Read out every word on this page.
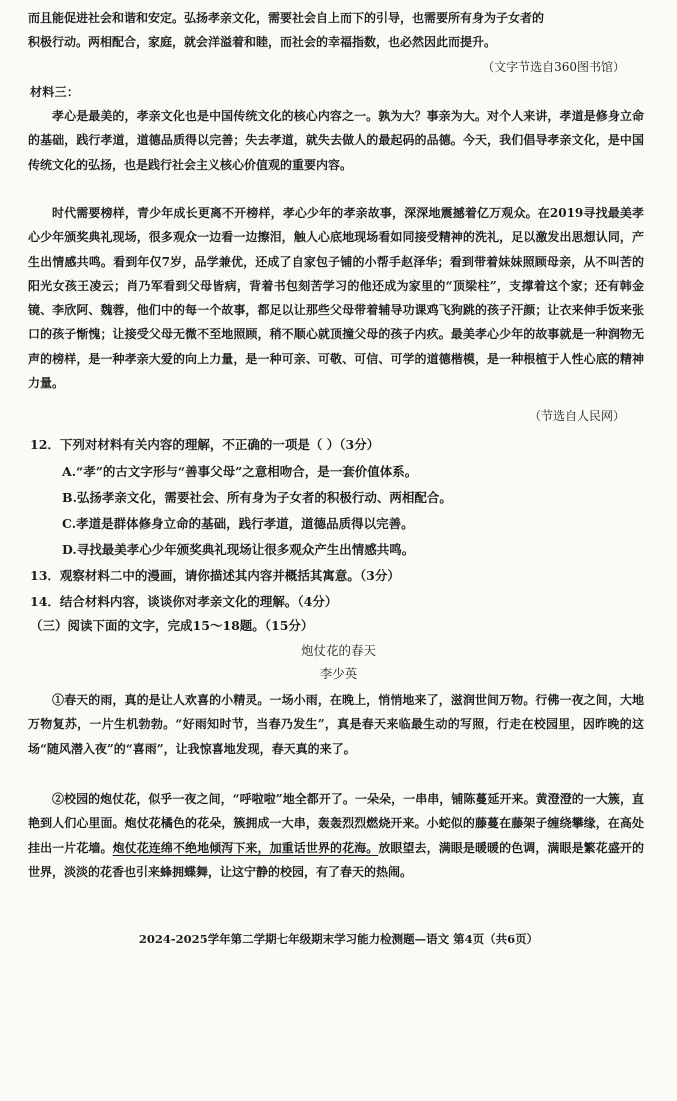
而且能促进社会和谐和安定。弘扬孝亲文化，需要社会自上而下的引导，也需要所有身为子女者的
积极行动。两相配合，家庭，就会洋溢着和睦，而社会的幸福指数，也必然因此而提升。
（文字节选自360图书馆）
材料三：
孝心是最美的，孝亲文化也是中国传统文化的核心内容之一。孰为大？事亲为大。对个人来讲，孝道是修身立命的基础，践行孝道，道德品质得以完善；失去孝道，就失去做人的最起码的品德。今天，我们倡导孝亲文化，是中国传统文化的弘扬，也是践行社会主义核心价值观的重要内容。
时代需要榜样，青少年成长更离不开榜样，孝心少年的孝亲故事，深深地震撼着亿万观众。在2019寻找最美孝心少年颁奖典礼现场，很多观众一边看一边擦泪，触人心底地现场看如同接受精神的洗礼，足以激发出思想认同，产生出情感共鸣。看到年仅7岁，品学兼优，还成了自家包子铺的小帮手赵泽华；看到带着妹妹照顾母亲，从不叫苦的阳光女孩王凌云；肖乃军看到父母皆病，背着书包刻苦学习的他还成为家里的“顶梁柱”，支撑着这个家；还有韩金镜、李欣阿、魏蓉，他们中的每一个故事，都足以让那些父母带着辅导功课鸡飞狗跳的孩子汗颜；让衣来伸手饭来张口的孩子惭愧；让接受父母无微不至地照顾，稍不顺心就顶撞父母的孩子内疚。最美孝心少年的故事就是一种润物无声的榜样，是一种孝亲大爱的向上力量，是一种可亲、可敬、可信、可学的道德楷模，是一种根植于人性心底的精神力量。
（节选自人民网）
12．下列对材料有关内容的理解，不正确的一项是（ ）（3分）
A.“孝”的古文字形与“善事父母”之意相吻合，是一套价值体系。
B.弘扬孝亲文化，需要社会、所有身为子女者的积极行动、两相配合。
C.孝道是群体修身立命的基础，践行孝道，道德品质得以完善。
D.寻找最美孝心少年颁奖典礼现场让很多观众产生出情感共鸣。
13．观察材料二中的漫画，请你描述其内容并概括其寓意。（3分）
14．结合材料内容，谈谈你对孝亲文化的理解。（4分）
（三）阅读下面的文字，完成15～18题。（15分）
炮仗花的春天
李少英
①春天的雨，真的是让人欢喜的小精灵。一场小雨，在晚上，悄悄地来了，滋润世间万物。行佛一夜之间，大地万物复苏，一片生机勃勃。“好雨知时节，当春乃发生”，真是春天来临最生动的写照，行走在校园里，因昨晚的这场“随风潜入夜”的“喜雨”，让我惊喜地发现，春天真的来了。
②校园的炮仗花，似乎一夜之间，“呼啦啦”地全都开了。一朵朵，一串串，铺陈蔓延开来。黄澄澄的一大簇，直艳到人们心里面。炮仗花橘色的花朵，簇拥成一大串，轰轰烈烈燃烧开来。小蛇似的藤蔓在藤架子缠绕攀缘，在高处挂出一片花墙。炮仗花连绵不绝地倾泻下来，加重话世界的花海。放眼望去，满眼是暖暖的色调，满眼是繁花盛开的世界，淡淡的花香也引来蜂拥蝶舞，让这宁静的校园，有了春天的热闹。
2024-2025学年第二学期七年级期末学习能力检测题—语文 第4页（共6页）
